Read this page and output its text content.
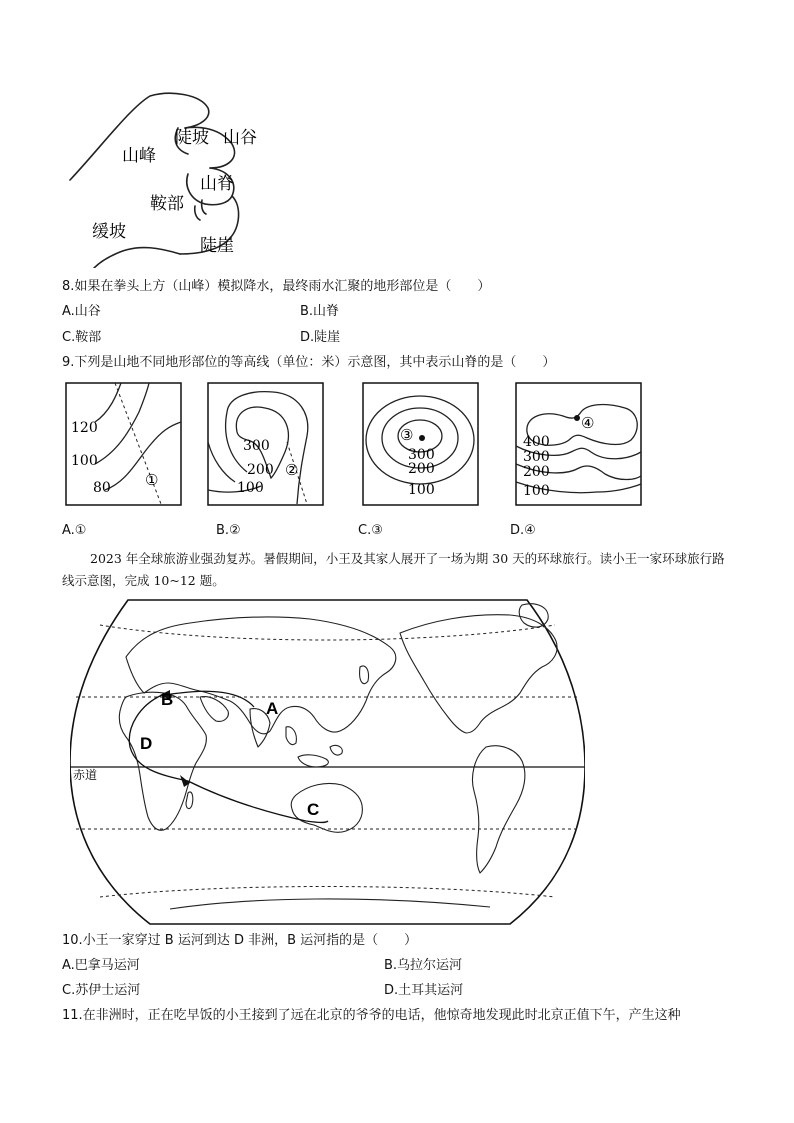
陡坡 山谷
山峰
山脊
鞍部
缓坡
陡崖
8.如果在拳头上方（山峰）模拟降水，最终雨水汇聚的地形部位是（　　）
A.山谷	B.山脊
C.鞍部	D.陡崖
9.下列是山地不同地形部位的等高线（单位：米）示意图，其中表示山脊的是（　　）
120
100
80 ①
300
200
100
②
③
300
200
100
④
400
300
200
100
A.①	B.②	C.③	D.④
2023 年全球旅游业强劲复苏。暑假期间，小王及其家人展开了一场为期 30 天的环球旅行。读小王一家环球旅行路线示意图，完成 10~12 题。
赤道
A
B
C
D
10.小王一家穿过 B 运河到达 D 非洲，B 运河指的是（　　）
A.巴拿马运河	B.乌拉尔运河
C.苏伊士运河	D.土耳其运河
11.在非洲时，正在吃早饭的小王接到了远在北京的爷爷的电话，他惊奇地发现此时北京正值下午，产生这种
